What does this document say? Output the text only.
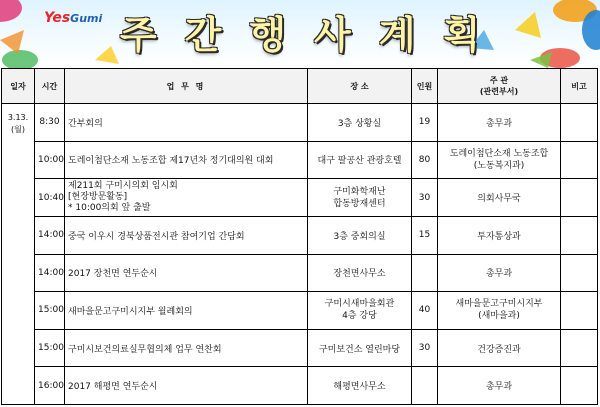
YesGumi 주간행사계획
일자	시간	업 무 명	장 소	인원	주 관
(관련부서)	비고
3.13.
(월)	8:30	간부회의	3층 상황실	19	총무과	
	10:00	도레이첨단소재 노동조합 제17년차 정기대의원 대회	대구 팔공산 관광호텔	80	도레이첨단소재 노동조합
(노동복지과)	
	10:40	제211회 구미시의회 임시회
[현장방문활동]
* 10:00의회 앞 출발	구미화학재난
합동방재센터	30	의회사무국	
	14:00	중국 이우시 경북상품전시관 참여기업 간담회	3층 중회의실	15	투자통상과	
	14:00	2017 장천면 연두순시	장천면사무소		총무과	
	15:00	새마을문고구미시지부 월례회의	구미시새마을회관
4층 강당	40	새마을문고구미시지부
(새마을과)	
	15:00	구미시보건의료실무협의체 업무 연찬회	구미보건소 열린마당	30	건강증진과	
	16:00	2017 해평면 연두순시	해평면사무소		총무과	
